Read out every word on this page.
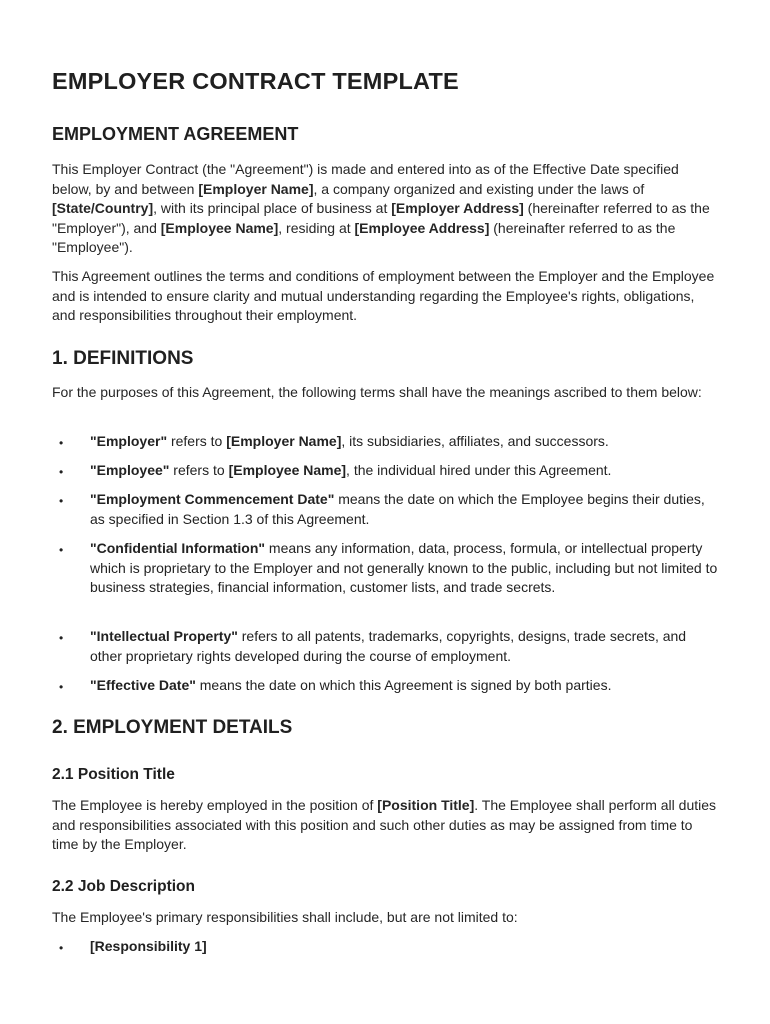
EMPLOYER CONTRACT TEMPLATE
EMPLOYMENT AGREEMENT

This Employer Contract (the "Agreement") is made and entered into as of the Effective Date specified below, by and between [Employer Name], a company organized and existing under the laws of [State/Country], with its principal place of business at [Employer Address] (hereinafter referred to as the "Employer"), and [Employee Name], residing at [Employee Address] (hereinafter referred to as the "Employee").

This Agreement outlines the terms and conditions of employment between the Employer and the Employee and is intended to ensure clarity and mutual understanding regarding the Employee's rights, obligations, and responsibilities throughout their employment.

1. DEFINITIONS

For the purposes of this Agreement, the following terms shall have the meanings ascribed to them below:

• "Employer" refers to [Employer Name], its subsidiaries, affiliates, and successors.
• "Employee" refers to [Employee Name], the individual hired under this Agreement.
• "Employment Commencement Date" means the date on which the Employee begins their duties, as specified in Section 1.3 of this Agreement.
• "Confidential Information" means any information, data, process, formula, or intellectual property which is proprietary to the Employer and not generally known to the public, including but not limited to business strategies, financial information, customer lists, and trade secrets.
• "Intellectual Property" refers to all patents, trademarks, copyrights, designs, trade secrets, and other proprietary rights developed during the course of employment.
• "Effective Date" means the date on which this Agreement is signed by both parties.
2. EMPLOYMENT DETAILS
2.1 Position Title

The Employee is hereby employed in the position of [Position Title]. The Employee shall perform all duties and responsibilities associated with this position and such other duties as may be assigned from time to time by the Employer.

2.2 Job Description

The Employee's primary responsibilities shall include, but are not limited to:

• [Responsibility 1]
